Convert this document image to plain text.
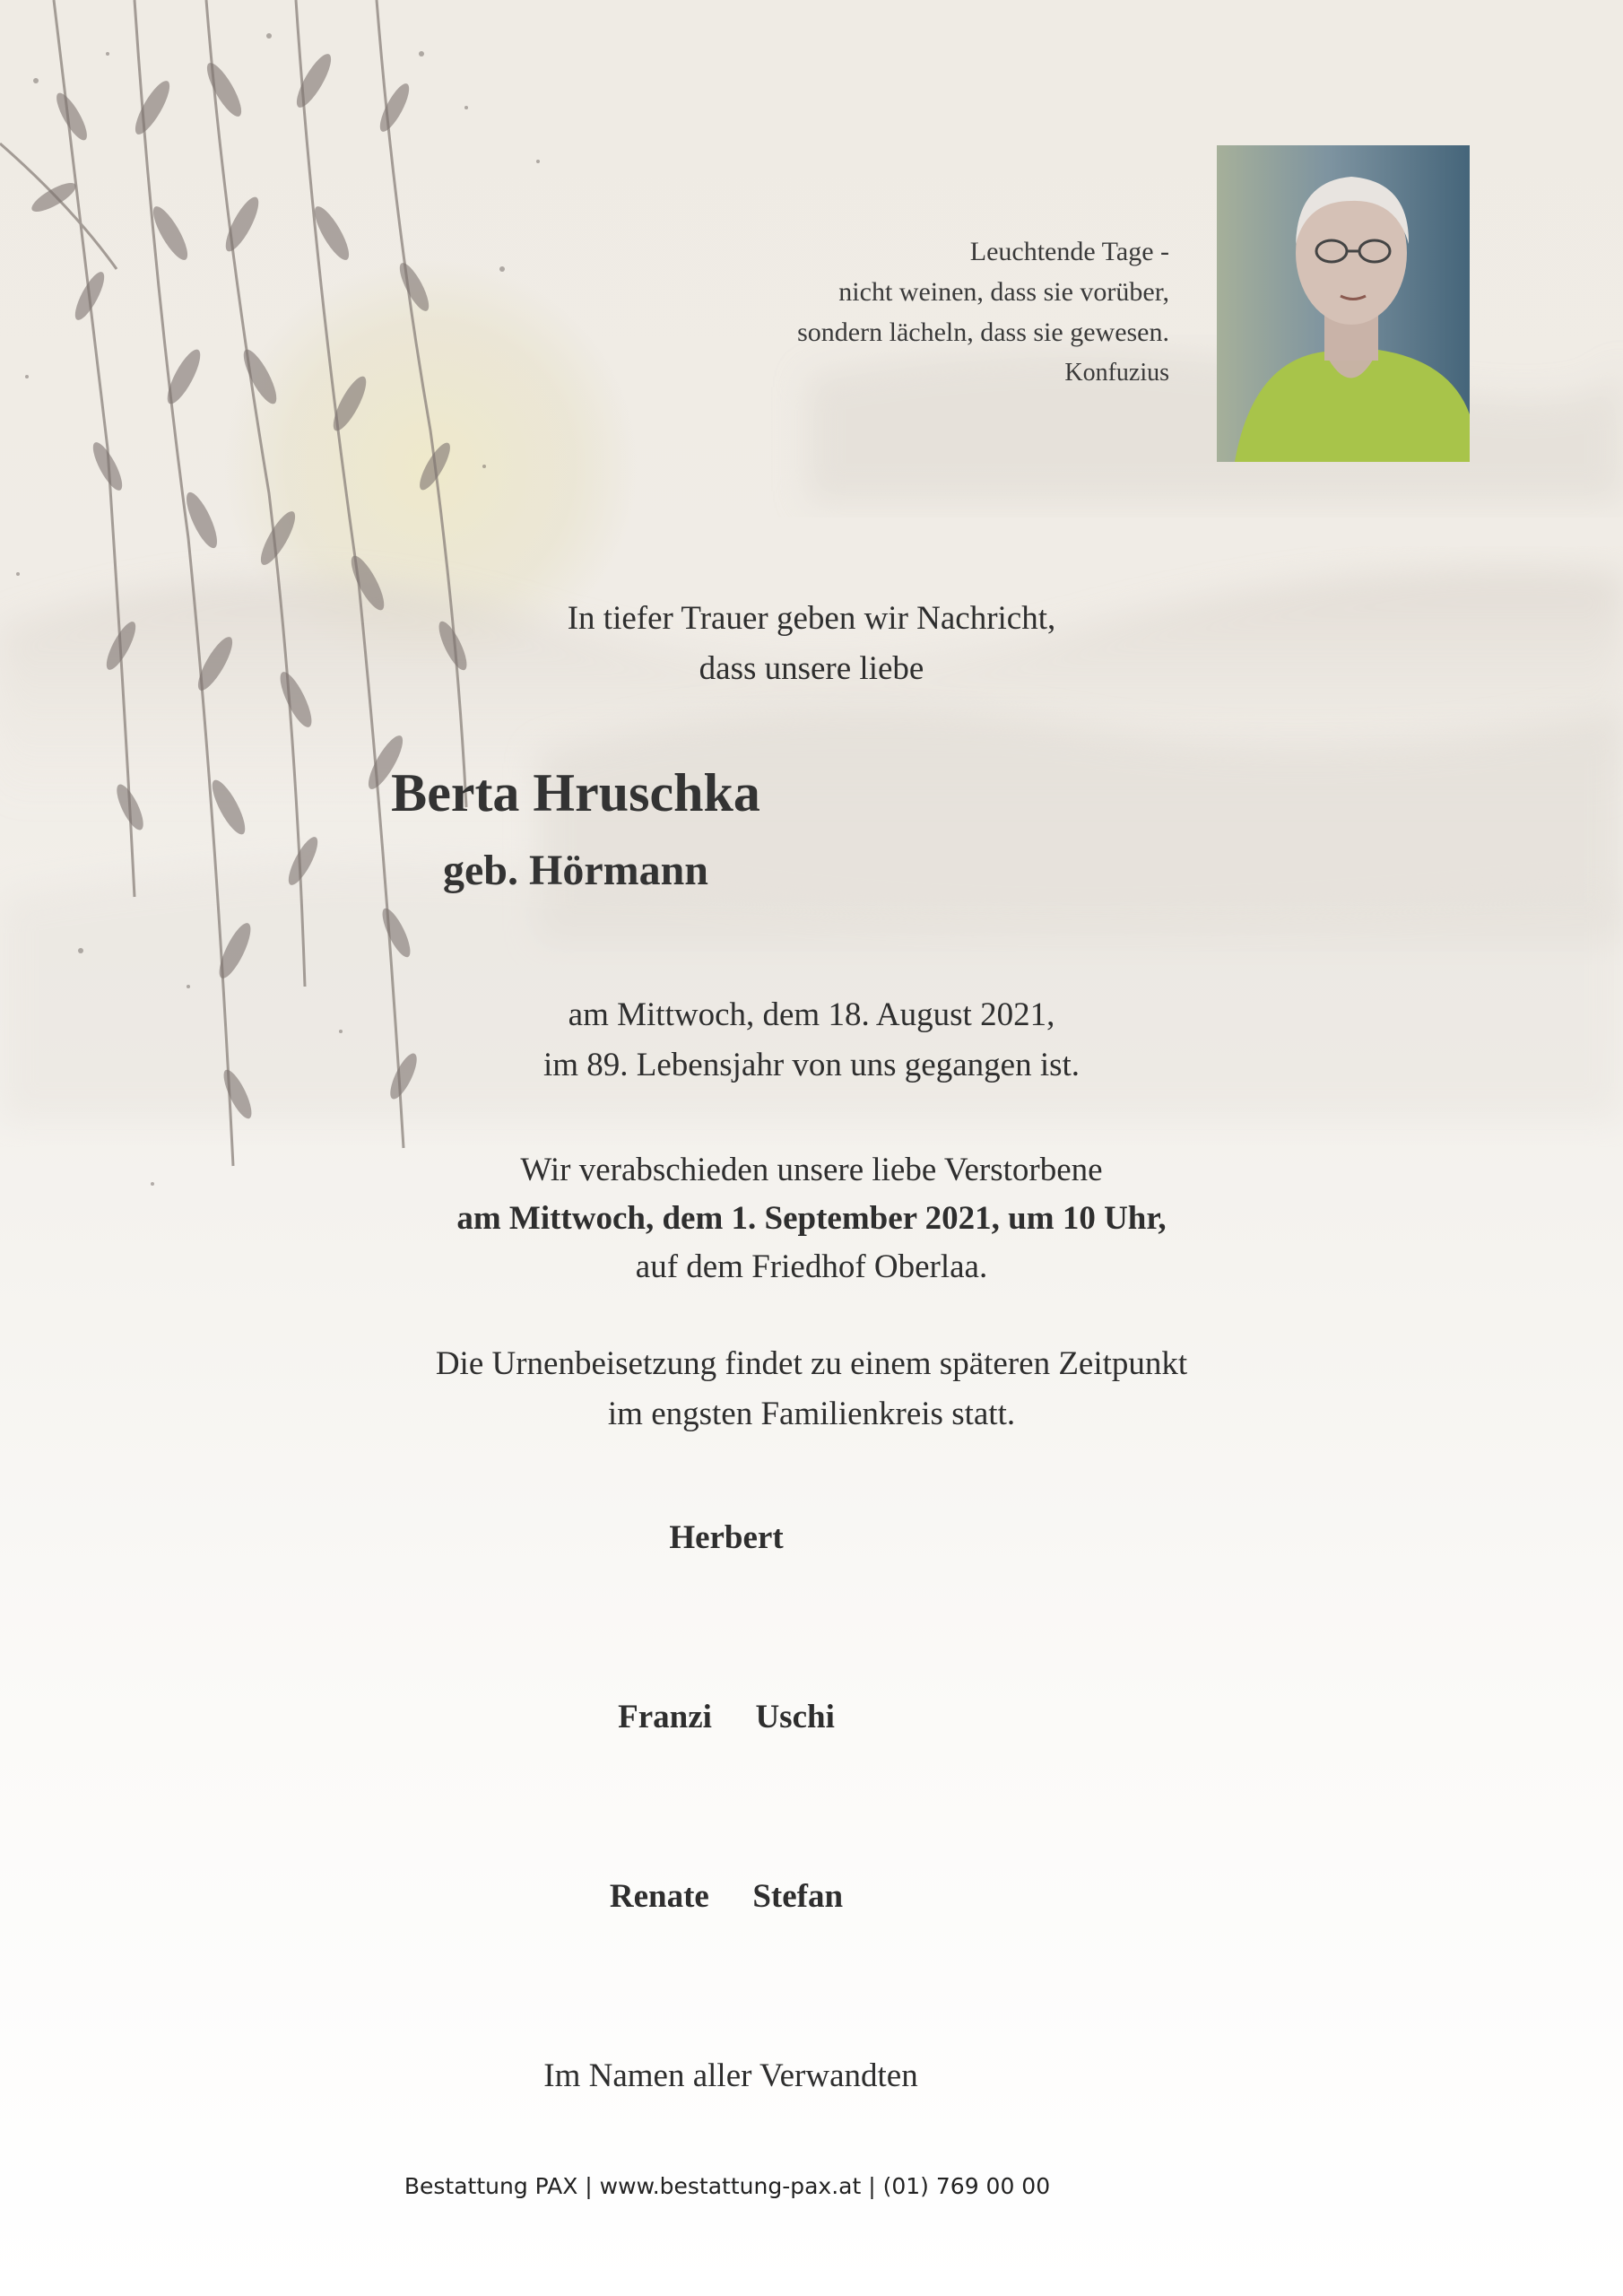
Leuchtende Tage -
nicht weinen, dass sie vorüber,
sondern lächeln, dass sie gewesen.
Konfuzius
In tiefer Trauer geben wir Nachricht,
dass unsere liebe
Berta Hruschka
geb. Hörmann
am Mittwoch, dem 18. August 2021,
im 89. Lebensjahr von uns gegangen ist.
Wir verabschieden unsere liebe Verstorbene
am Mittwoch, dem 1. September 2021, um 10 Uhr,
auf dem Friedhof Oberlaa.
Die Urnenbeisetzung findet zu einem späteren Zeitpunkt
im engsten Familienkreis statt.
Herbert
Franzi Uschi
Renate Stefan
Im Namen aller Verwandten
Bestattung PAX | www.bestattung-pax.at | (01) 769 00 00
